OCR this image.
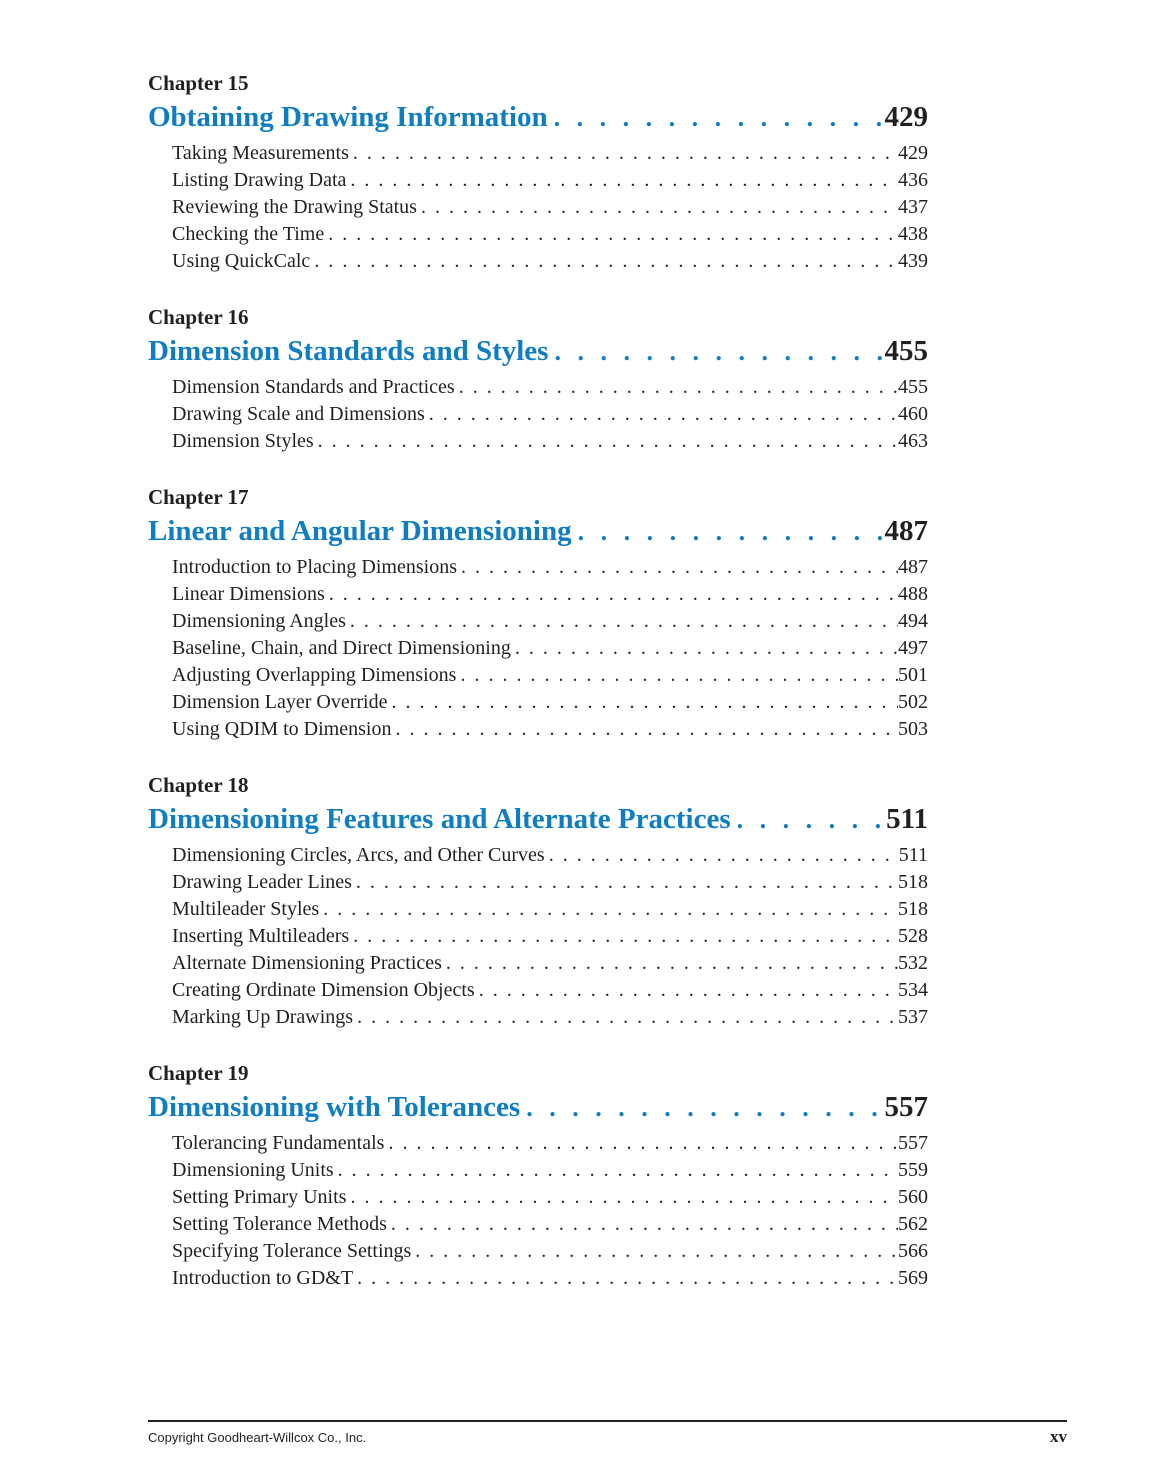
Chapter 15
Obtaining Drawing Information . . .	429
Taking Measurements . . .	429
Listing Drawing Data . . .	436
Reviewing the Drawing Status . . .	437
Checking the Time . . .	438
Using QuickCalc . . .	439
Chapter 16
Dimension Standards and Styles . . .	455
Dimension Standards and Practices . . .	455
Drawing Scale and Dimensions . . .	460
Dimension Styles . . .	463
Chapter 17
Linear and Angular Dimensioning . . .	487
Introduction to Placing Dimensions . . .	487
Linear Dimensions . . .	488
Dimensioning Angles . . .	494
Baseline, Chain, and Direct Dimensioning . . .	497
Adjusting Overlapping Dimensions . . .	501
Dimension Layer Override . . .	502
Using QDIM to Dimension . . .	503
Chapter 18
Dimensioning Features and Alternate Practices . . .	511
Dimensioning Circles, Arcs, and Other Curves . . .	511
Drawing Leader Lines . . .	518
Multileader Styles . . .	518
Inserting Multileaders . . .	528
Alternate Dimensioning Practices . . .	532
Creating Ordinate Dimension Objects . . .	534
Marking Up Drawings . . .	537
Chapter 19
Dimensioning with Tolerances . . .	557
Tolerancing Fundamentals . . .	557
Dimensioning Units . . .	559
Setting Primary Units . . .	560
Setting Tolerance Methods . . .	562
Specifying Tolerance Settings . . .	566
Introduction to GD&T . . .	569
Copyright Goodheart-Willcox Co., Inc.	xv
